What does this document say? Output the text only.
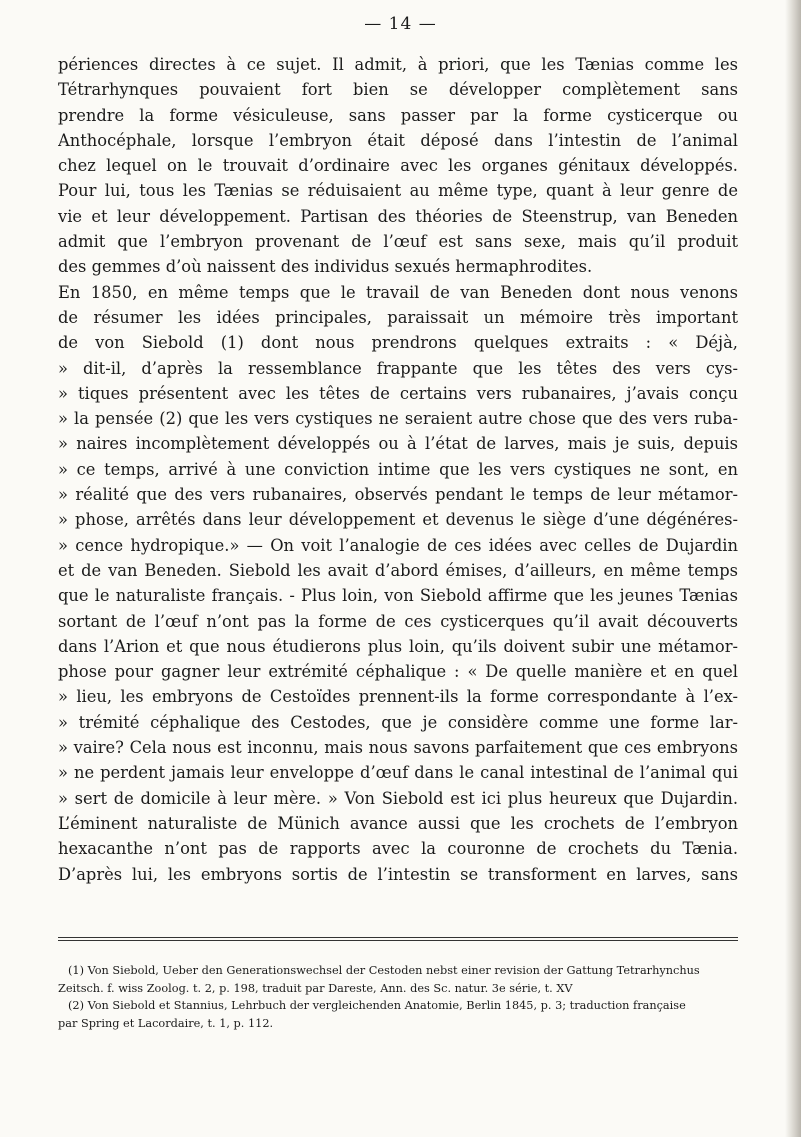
— 14 —
périences directes à ce sujet. Il admit, à priori, que les Tænias comme les
Tétrarhynques pouvaient fort bien se développer complètement sans
prendre la forme vésiculeuse, sans passer par la forme cysticerque ou
Anthocéphale, lorsque l’embryon était déposé dans l’intestin de l’animal
chez lequel on le trouvait d’ordinaire avec les organes génitaux développés.
Pour lui, tous les Tænias se réduisaient au même type, quant à leur genre de
vie et leur développement. Partisan des théories de Steenstrup, van Beneden
admit que l’embryon provenant de l’œuf est sans sexe, mais qu’il produit
des gemmes d’où naissent des individus sexués hermaphrodites.
En 1850, en même temps que le travail de van Beneden dont nous venons
de résumer les idées principales, paraissait un mémoire très important
de von Siebold (1) dont nous prendrons quelques extraits : « Déjà,
» dit-il, d’après la ressemblance frappante que les têtes des vers cys-
» tiques présentent avec les têtes de certains vers rubanaires, j’avais conçu
» la pensée (2) que les vers cystiques ne seraient autre chose que des vers ruba-
» naires incomplètement développés ou à l’état de larves, mais je suis, depuis
» ce temps, arrivé à une conviction intime que les vers cystiques ne sont, en
» réalité que des vers rubanaires, observés pendant le temps de leur métamor-
» phose, arrêtés dans leur développement et devenus le siège d’une dégénéres-
» cence hydropique.» — On voit l’analogie de ces idées avec celles de Dujardin
et de van Beneden. Siebold les avait d’abord émises, d’ailleurs, en même temps
que le naturaliste français. - Plus loin, von Siebold affirme que les jeunes Tænias
sortant de l’œuf n’ont pas la forme de ces cysticerques qu’il avait découverts
dans l’Arion et que nous étudierons plus loin, qu’ils doivent subir une métamor-
phose pour gagner leur extrémité céphalique : « De quelle manière et en quel
» lieu, les embryons de Cestoïdes prennent-ils la forme correspondante à l’ex-
» trémité céphalique des Cestodes, que je considère comme une forme lar-
» vaire? Cela nous est inconnu, mais nous savons parfaitement que ces embryons
» ne perdent jamais leur enveloppe d’œuf dans le canal intestinal de l’animal qui
» sert de domicile à leur mère. » Von Siebold est ici plus heureux que Dujardin.
L’éminent naturaliste de Münich avance aussi que les crochets de l’embryon
hexacanthe n’ont pas de rapports avec la couronne de crochets du Tænia.
D’après lui, les embryons sortis de l’intestin se transforment en larves, sans
(1) Von Siebold, Ueber den Generationswechsel der Cestoden nebst einer revision der Gattung Tetrarhynchus
Zeitsch. f. wiss Zoolog. t. 2, p. 198, traduit par Dareste, Ann. des Sc. natur. 3e série, t. XV
(2) Von Siebold et Stannius, Lehrbuch der vergleichenden Anatomie, Berlin 1845, p. 3; traduction française
par Spring et Lacordaire, t. 1, p. 112.
